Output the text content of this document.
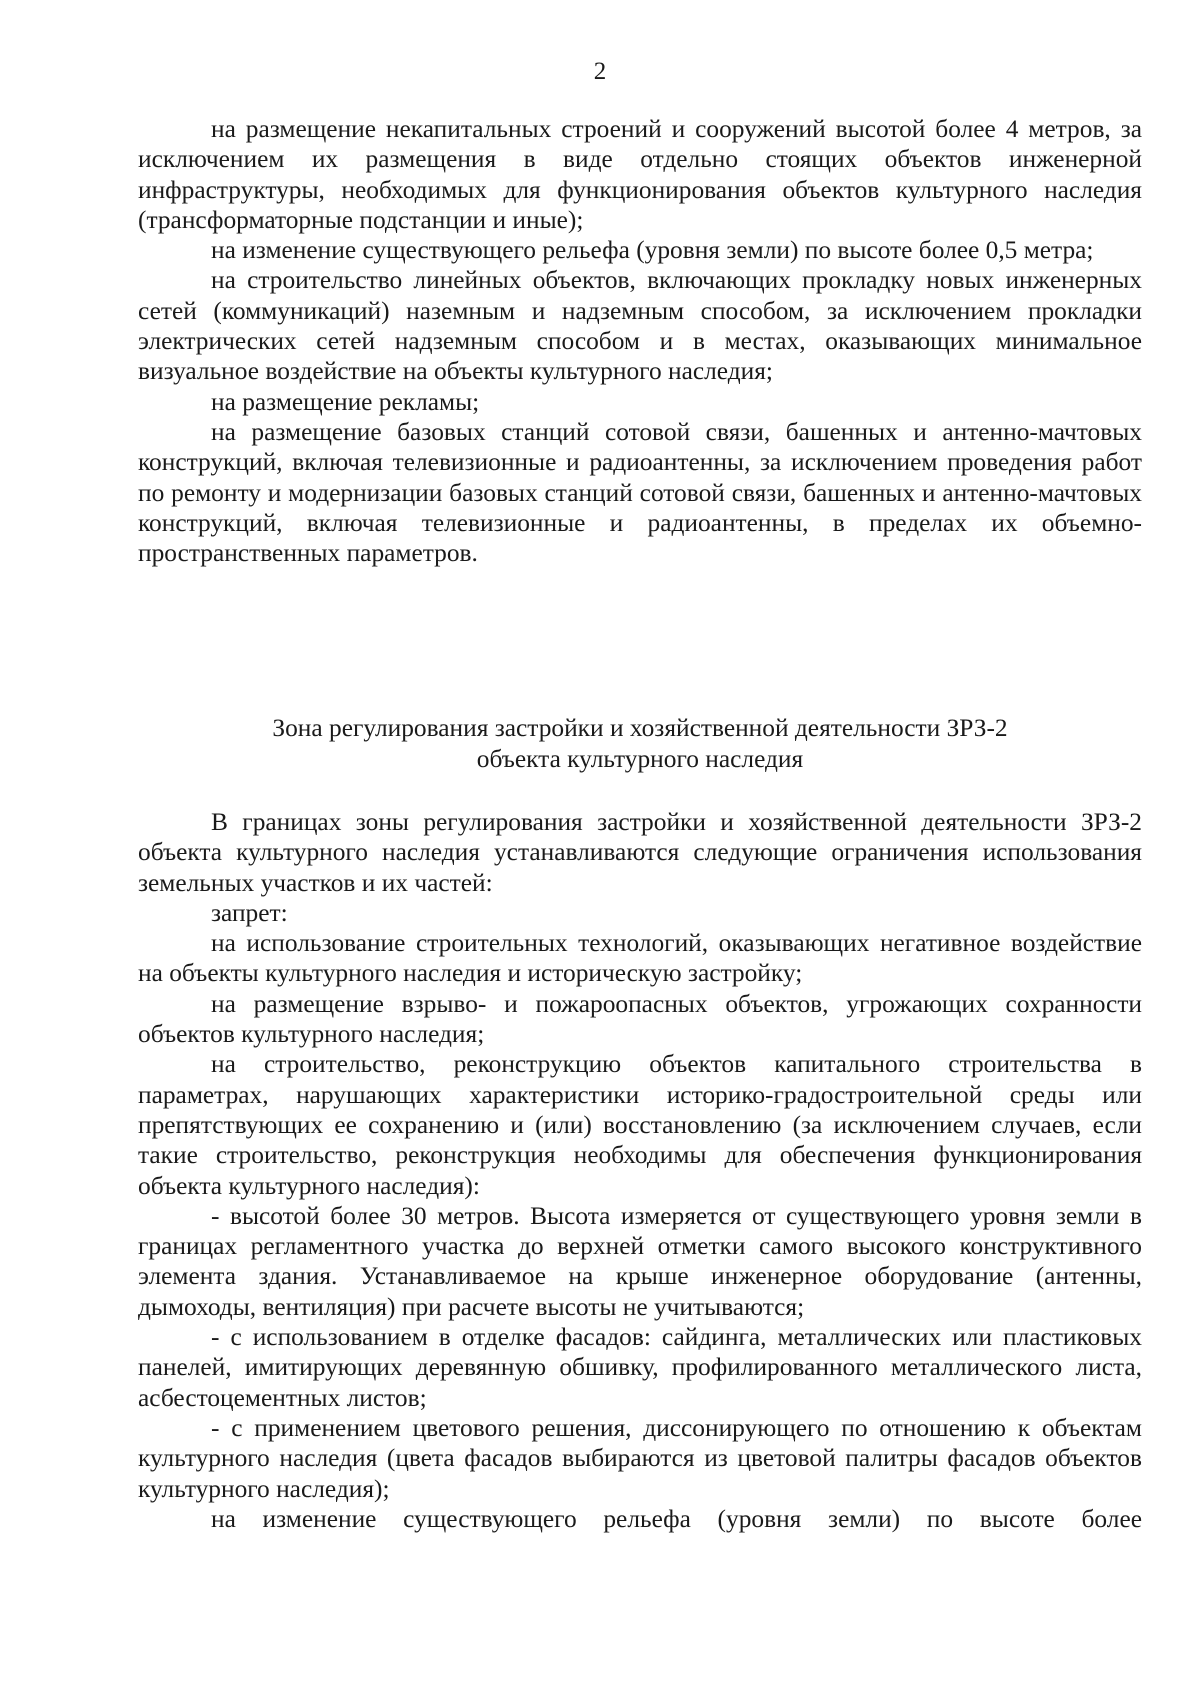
2

на размещение некапитальных строений и сооружений высотой более 4 метров, за исключением их размещения в виде отдельно стоящих объектов инженерной инфраструктуры, необходимых для функционирования объектов культурного наследия (трансформаторные подстанции и иные);

на изменение существующего рельефа (уровня земли) по высоте более 0,5 метра;

на строительство линейных объектов, включающих прокладку новых инженерных сетей (коммуникаций) наземным и надземным способом, за исключением прокладки электрических сетей надземным способом и в местах, оказывающих минимальное визуальное воздействие на объекты культурного наследия;

на размещение рекламы;

на размещение базовых станций сотовой связи, башенных и антенно-мачтовых конструкций, включая телевизионные и радиоантенны, за исключением проведения работ по ремонту и модернизации базовых станций сотовой связи, башенных и антенно-мачтовых конструкций, включая телевизионные и радиоантенны, в пределах их объемно-пространственных параметров.

Зона регулирования застройки и хозяйственной деятельности ЗРЗ-2
объекта культурного наследия

В границах зоны регулирования застройки и хозяйственной деятельности ЗРЗ-2 объекта культурного наследия устанавливаются следующие ограничения использования земельных участков и их частей:

запрет:

на использование строительных технологий, оказывающих негативное воздействие на объекты культурного наследия и историческую застройку;

на размещение взрыво- и пожароопасных объектов, угрожающих сохранности объектов культурного наследия;

на строительство, реконструкцию объектов капитального строительства в параметрах, нарушающих характеристики историко-градостроительной среды или препятствующих ее сохранению и (или) восстановлению (за исключением случаев, если такие строительство, реконструкция необходимы для обеспечения функционирования объекта культурного наследия):

- высотой более 30 метров. Высота измеряется от существующего уровня земли в границах регламентного участка до верхней отметки самого высокого конструктивного элемента здания. Устанавливаемое на крыше инженерное оборудование (антенны, дымоходы, вентиляция) при расчете высоты не учитываются;

- с использованием в отделке фасадов: сайдинга, металлических или пластиковых панелей, имитирующих деревянную обшивку, профилированного металлического листа, асбестоцементных листов;

- с применением цветового решения, диссонирующего по отношению к объектам культурного наследия (цвета фасадов выбираются из цветовой палитры фасадов объектов культурного наследия);

на изменение существующего рельефа (уровня земли) по высоте более
